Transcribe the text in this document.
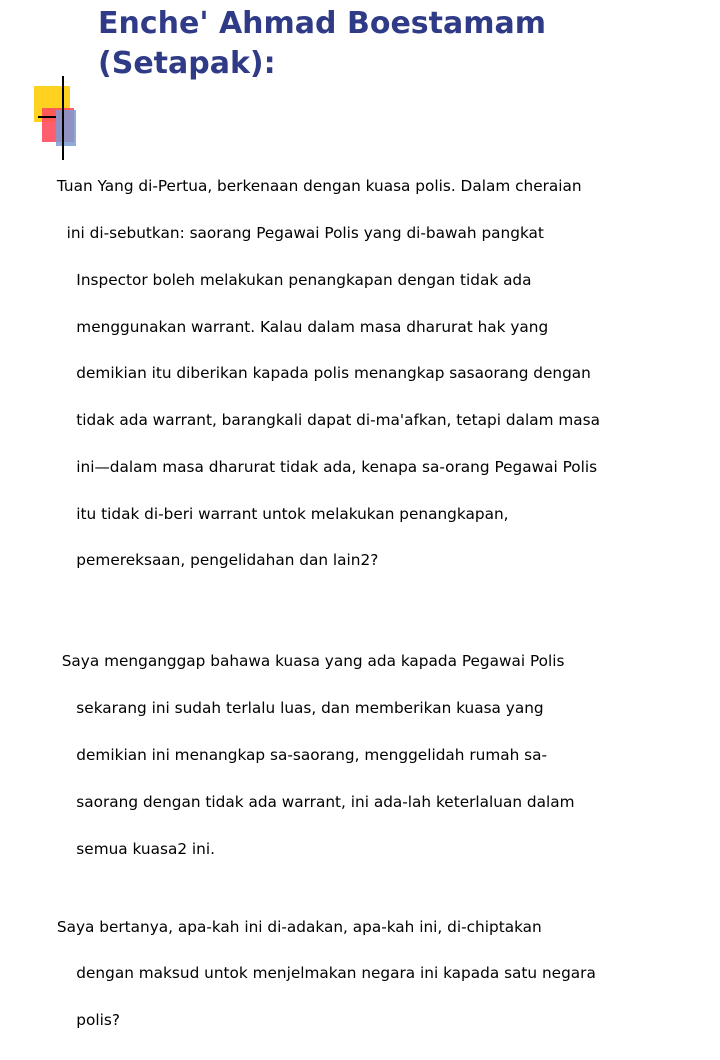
Enche' Ahmad Boestamam
(Setapak):

Tuan Yang di-Pertua, berkenaan dengan kuasa polis. Dalam cheraian

ini di-sebutkan: saorang Pegawai Polis yang di-bawah pangkat

Inspector boleh melakukan penangkapan dengan tidak ada

menggunakan warrant. Kalau dalam masa dharurat hak yang

demikian itu diberikan kapada polis menangkap sasaorang dengan

tidak ada warrant, barangkali dapat di-ma'afkan, tetapi dalam masa

ini—dalam masa dharurat tidak ada, kenapa sa-orang Pegawai Polis

itu tidak di-beri warrant untok melakukan penangkapan,

pemereksaan, pengelidahan dan lain2?

Saya menganggap bahawa kuasa yang ada kapada Pegawai Polis

sekarang ini sudah terlalu luas, dan memberikan kuasa yang

demikian ini menangkap sa-saorang, menggelidah rumah sa-

saorang dengan tidak ada warrant, ini ada-lah keterlaluan dalam

semua kuasa2 ini.

Saya bertanya, apa-kah ini di-adakan, apa-kah ini, di-chiptakan

dengan maksud untok menjelmakan negara ini kapada satu negara

polis?
